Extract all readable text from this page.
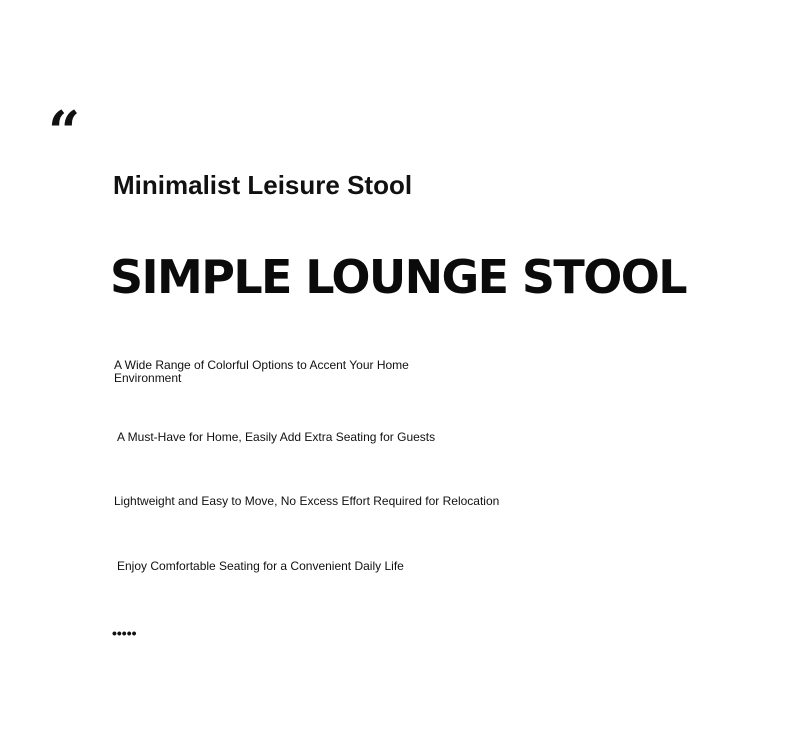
“
Minimalist Leisure Stool
SIMPLE LOUNGE STOOL
A Wide Range of Colorful Options to Accent Your Home Environment
A Must-Have for Home, Easily Add Extra Seating for Guests
Lightweight and Easy to Move, No Excess Effort Required for Relocation
Enjoy Comfortable Seating for a Convenient Daily Life
•••••
